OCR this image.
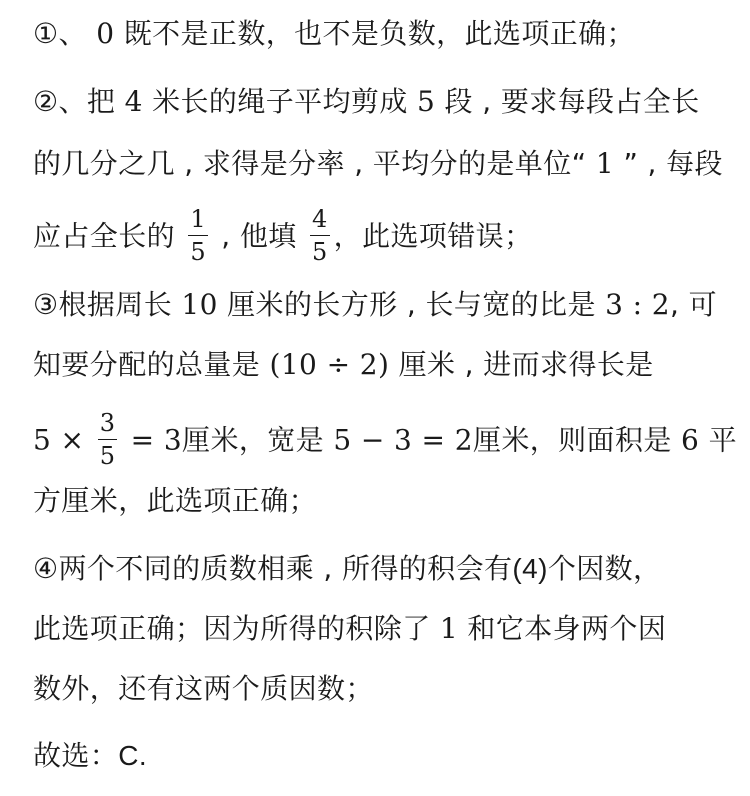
①、 0 既不是正数，也不是负数，此选项正确；
②、把 4 米长的绳子平均剪成 5 段 , 要求每段占全长
的几分之几 , 求得是分率 , 平均分的是单位“ 1 ” , 每段
应占全长的 $\frac{1}{5}$ , 他填 $\frac{4}{5}$ ，此选项错误；
③根据周长 10 厘米的长方形 , 长与宽的比是 3 : 2, 可
知要分配的总量是 (10 ÷ 2) 厘米 , 进而求得长是
$5 \times \frac{3}{5} = 3$厘米，宽是 5 − 3 = 2厘米，则面积是 6 平
方厘米，此选项正确；
④两个不同的质数相乘 , 所得的积会有(4)个因数，
此选项正确；因为所得的积除了 1 和它本身两个因
数外，还有这两个质因数；
故选：C.
